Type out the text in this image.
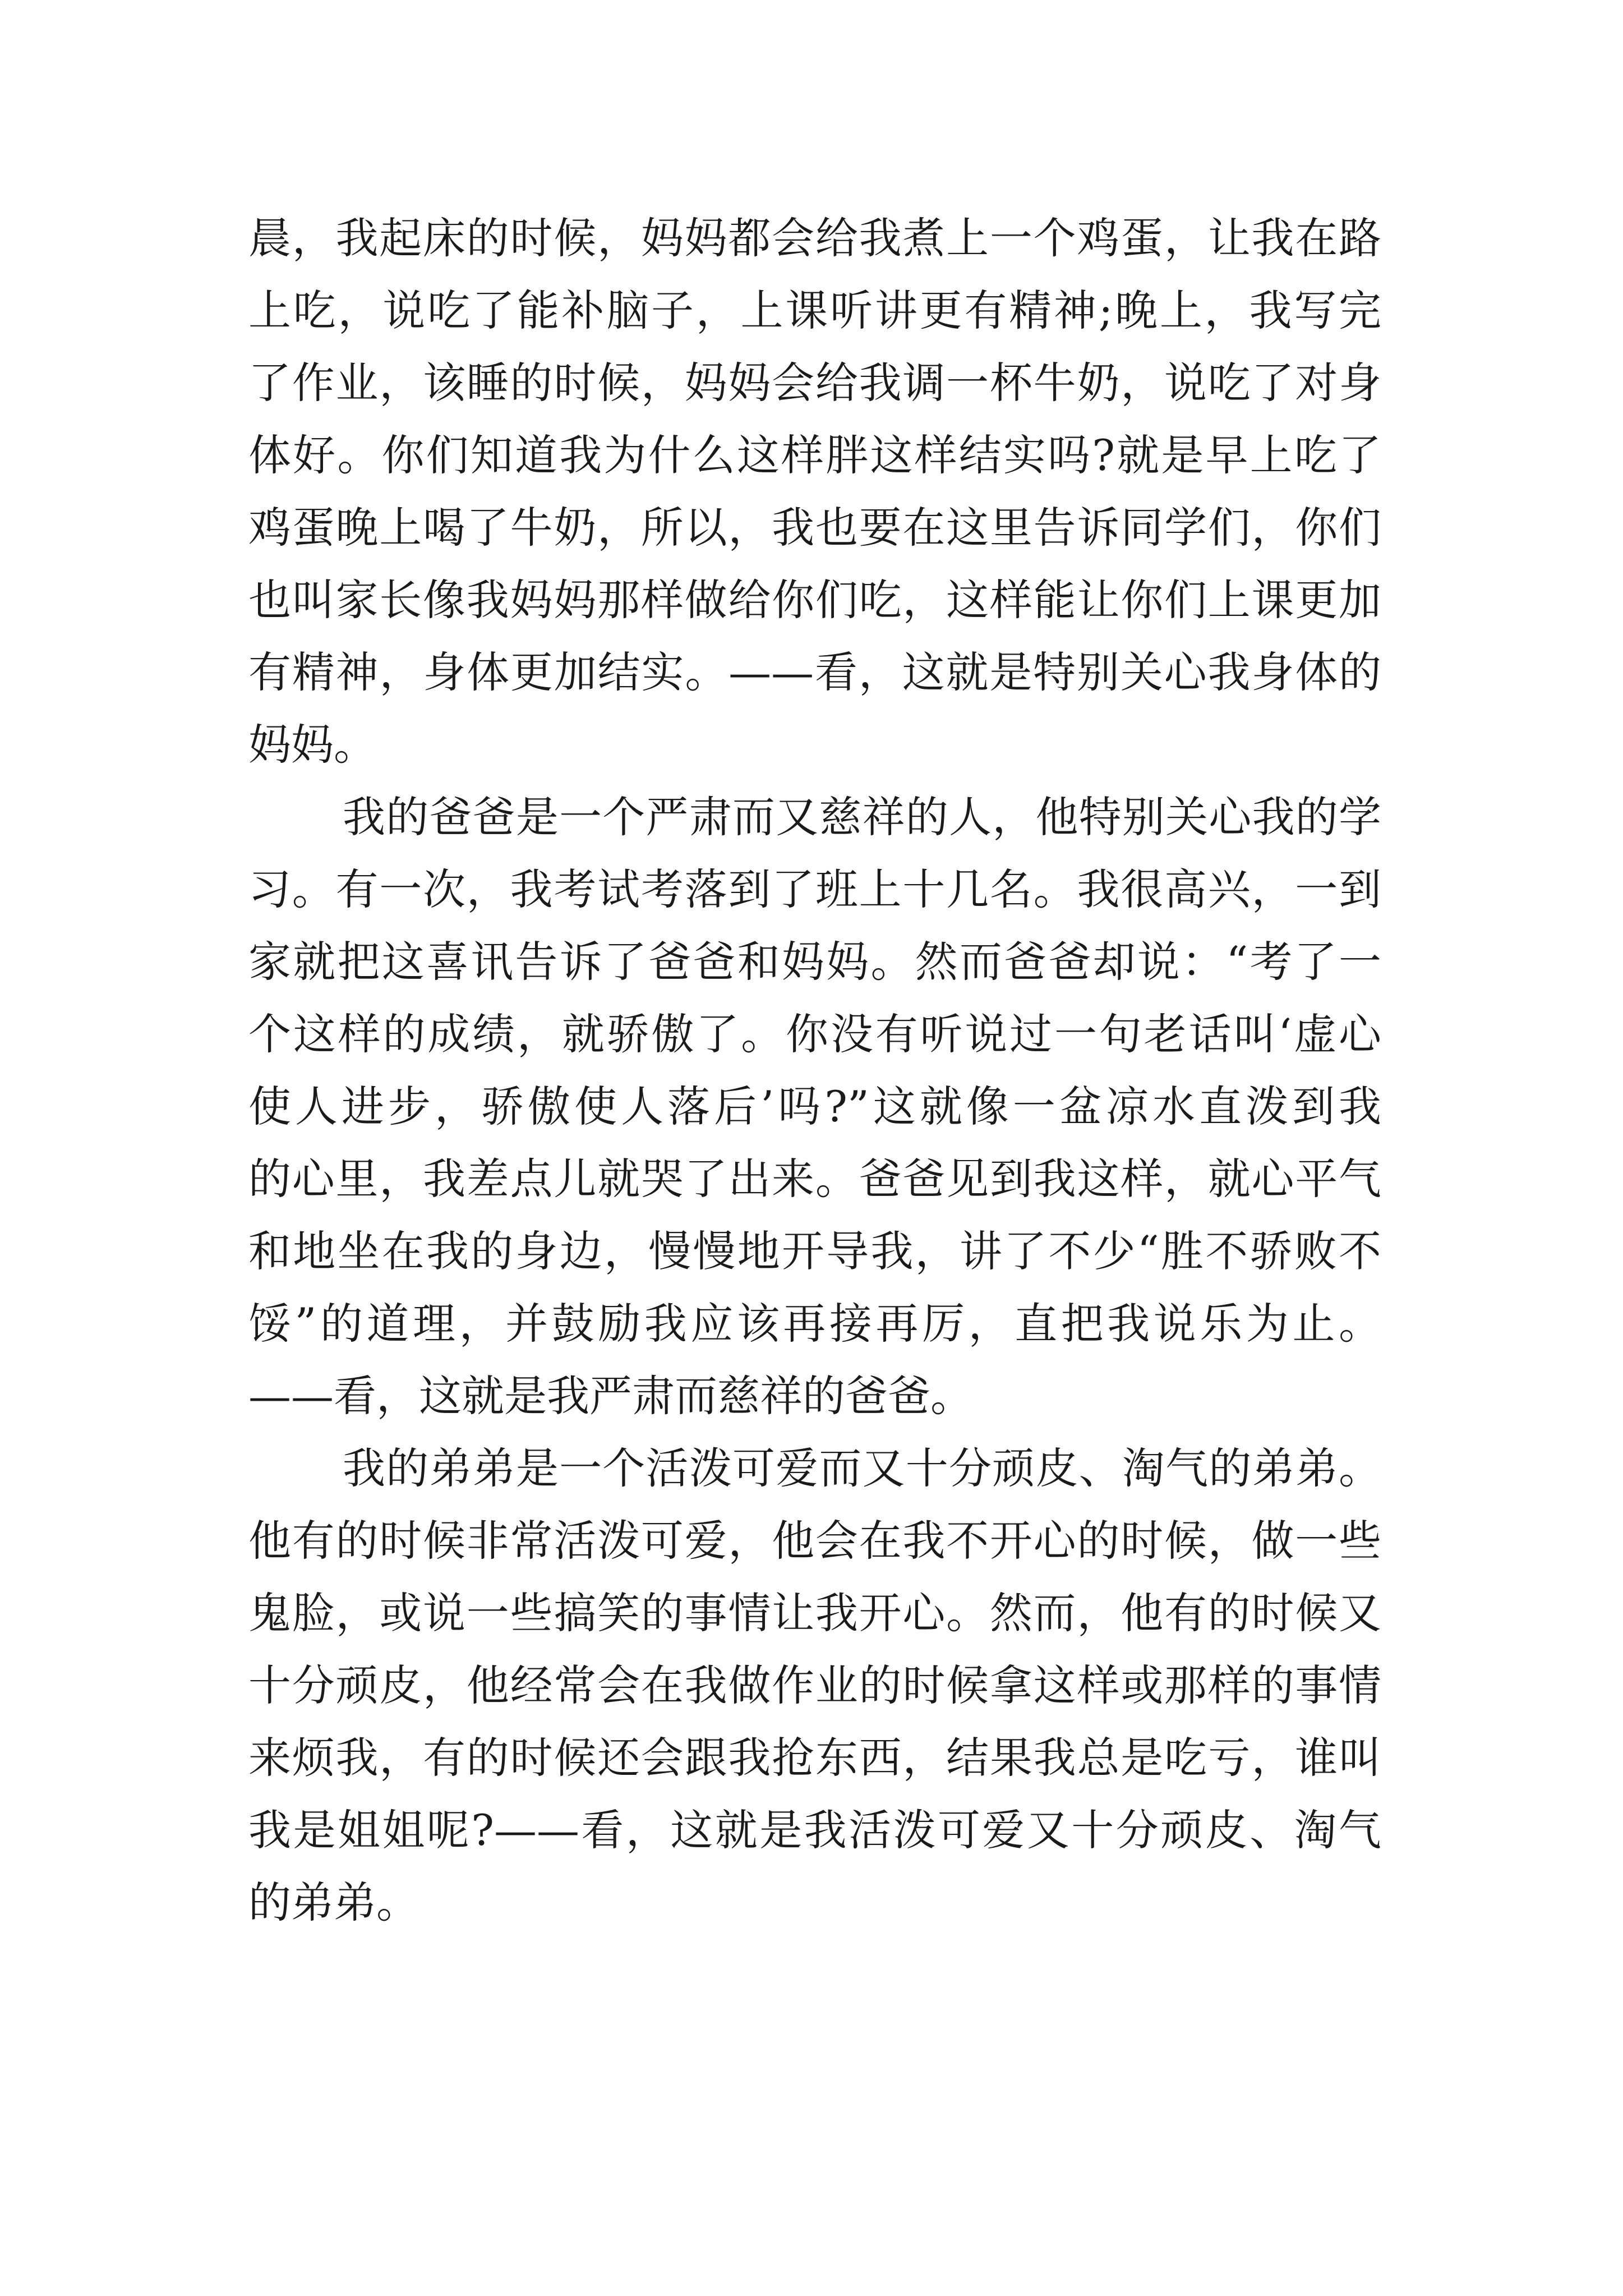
晨，我起床的时候，妈妈都会给我煮上一个鸡蛋，让我在路
上吃，说吃了能补脑子，上课听讲更有精神;晚上，我写完
了作业，该睡的时候，妈妈会给我调一杯牛奶，说吃了对身
体好。你们知道我为什么这样胖这样结实吗?就是早上吃了
鸡蛋晚上喝了牛奶，所以，我也要在这里告诉同学们，你们
也叫家长像我妈妈那样做给你们吃，这样能让你们上课更加
有精神，身体更加结实。——看，这就是特别关心我身体的
妈妈。
我的爸爸是一个严肃而又慈祥的人，他特别关心我的学
习。有一次，我考试考落到了班上十几名。我很高兴，一到
家就把这喜讯告诉了爸爸和妈妈。然而爸爸却说：“考了一
个这样的成绩，就骄傲了。你没有听说过一句老话叫‘虚心
使人进步，骄傲使人落后’吗?”这就像一盆凉水直泼到我
的心里，我差点儿就哭了出来。爸爸见到我这样，就心平气
和地坐在我的身边，慢慢地开导我，讲了不少“胜不骄败不
馁”的道理，并鼓励我应该再接再厉，直把我说乐为止。
——看，这就是我严肃而慈祥的爸爸。
我的弟弟是一个活泼可爱而又十分顽皮、淘气的弟弟。
他有的时候非常活泼可爱，他会在我不开心的时候，做一些
鬼脸，或说一些搞笑的事情让我开心。然而，他有的时候又
十分顽皮，他经常会在我做作业的时候拿这样或那样的事情
来烦我，有的时候还会跟我抢东西，结果我总是吃亏，谁叫
我是姐姐呢?——看，这就是我活泼可爱又十分顽皮、淘气
的弟弟。
